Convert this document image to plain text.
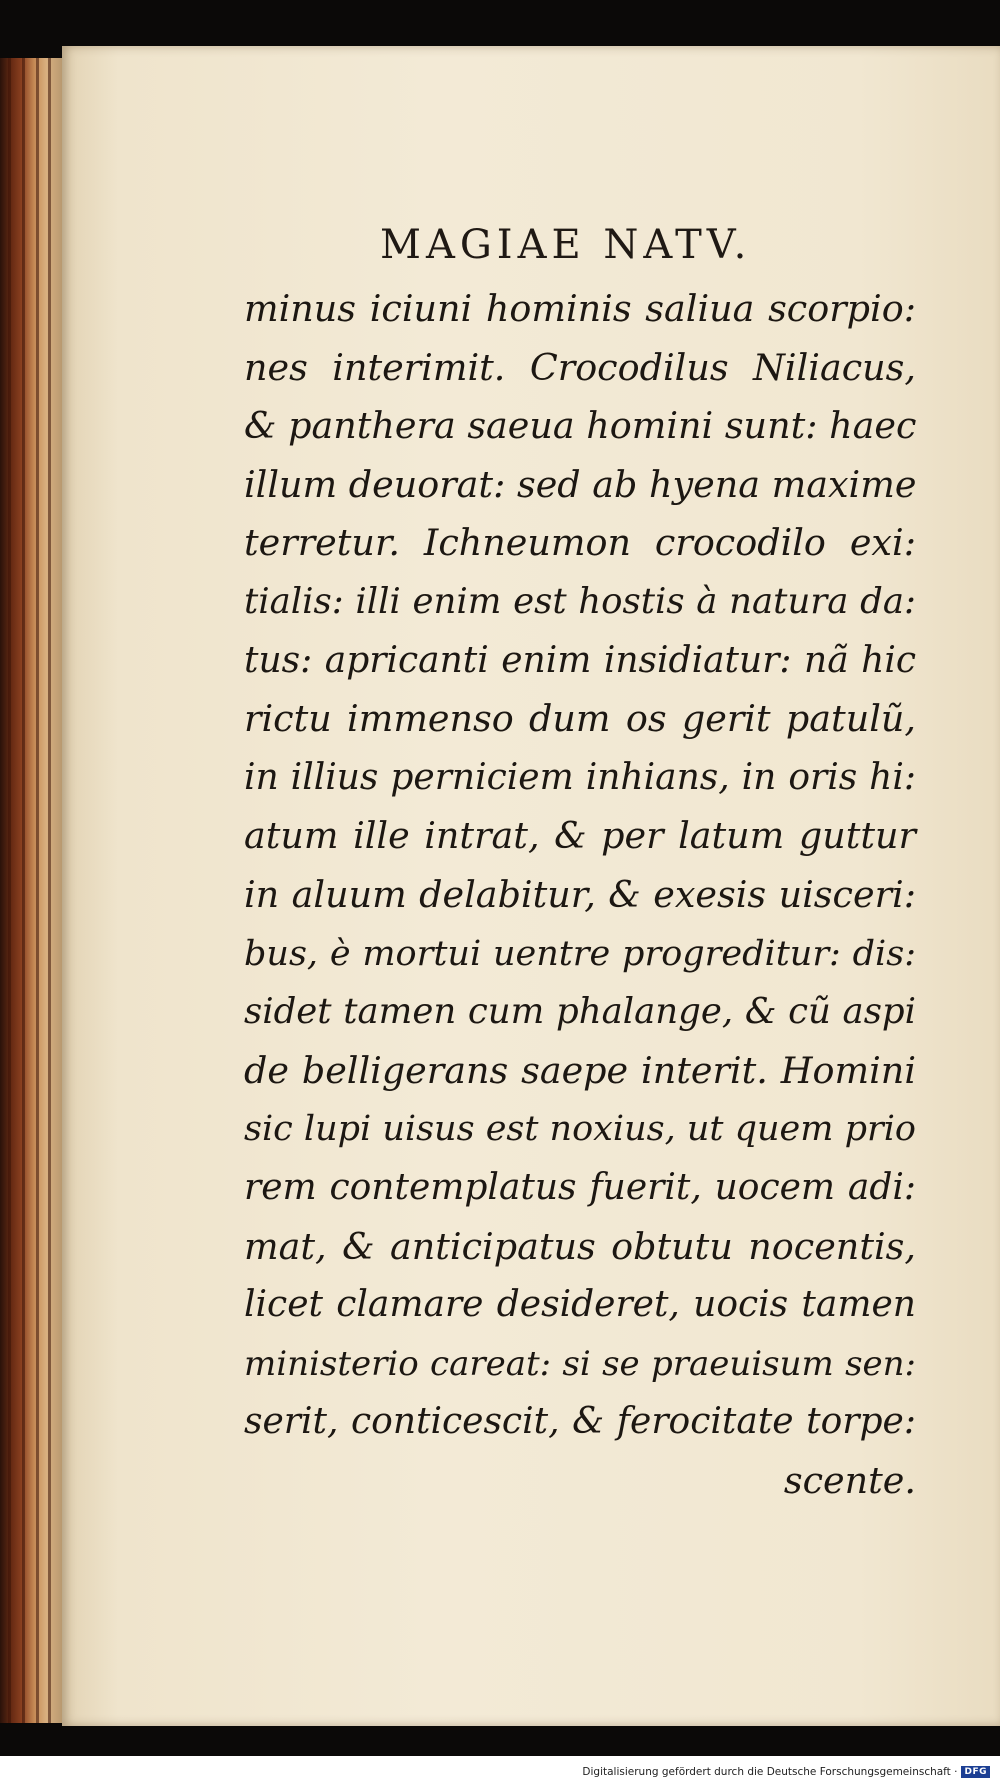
MAGIAE NATV.
minus iciuni hominis saliua scorpio:
nes interimit. Crocodilus Niliacus,
& panthera saeua homini sunt: haec
illum deuorat: sed ab hyena maxime
terretur. Ichneumon crocodilo exi:
tialis: illi enim est hostis à natura da:
tus: apricanti enim insidiatur: nã hic
rictu immenso dum os gerit patulũ,
in illius perniciem inhians, in oris hi:
atum ille intrat, & per latum guttur
in aluum delabitur, & exesis uisceri:
bus, è mortui uentre progreditur: dis:
sidet tamen cum phalange, & cũ aspi
de belligerans saepe interit. Homini
sic lupi uisus est noxius, ut quem prio
rem contemplatus fuerit, uocem adi:
mat, & anticipatus obtutu nocentis,
licet clamare desideret, uocis tamen
ministerio careat: si se praeuisum sen:
serit, conticescit, & ferocitate torpe:
scente.
Digitalisierung gefördert durch die Deutsche Forschungsgemeinschaft · DFG
